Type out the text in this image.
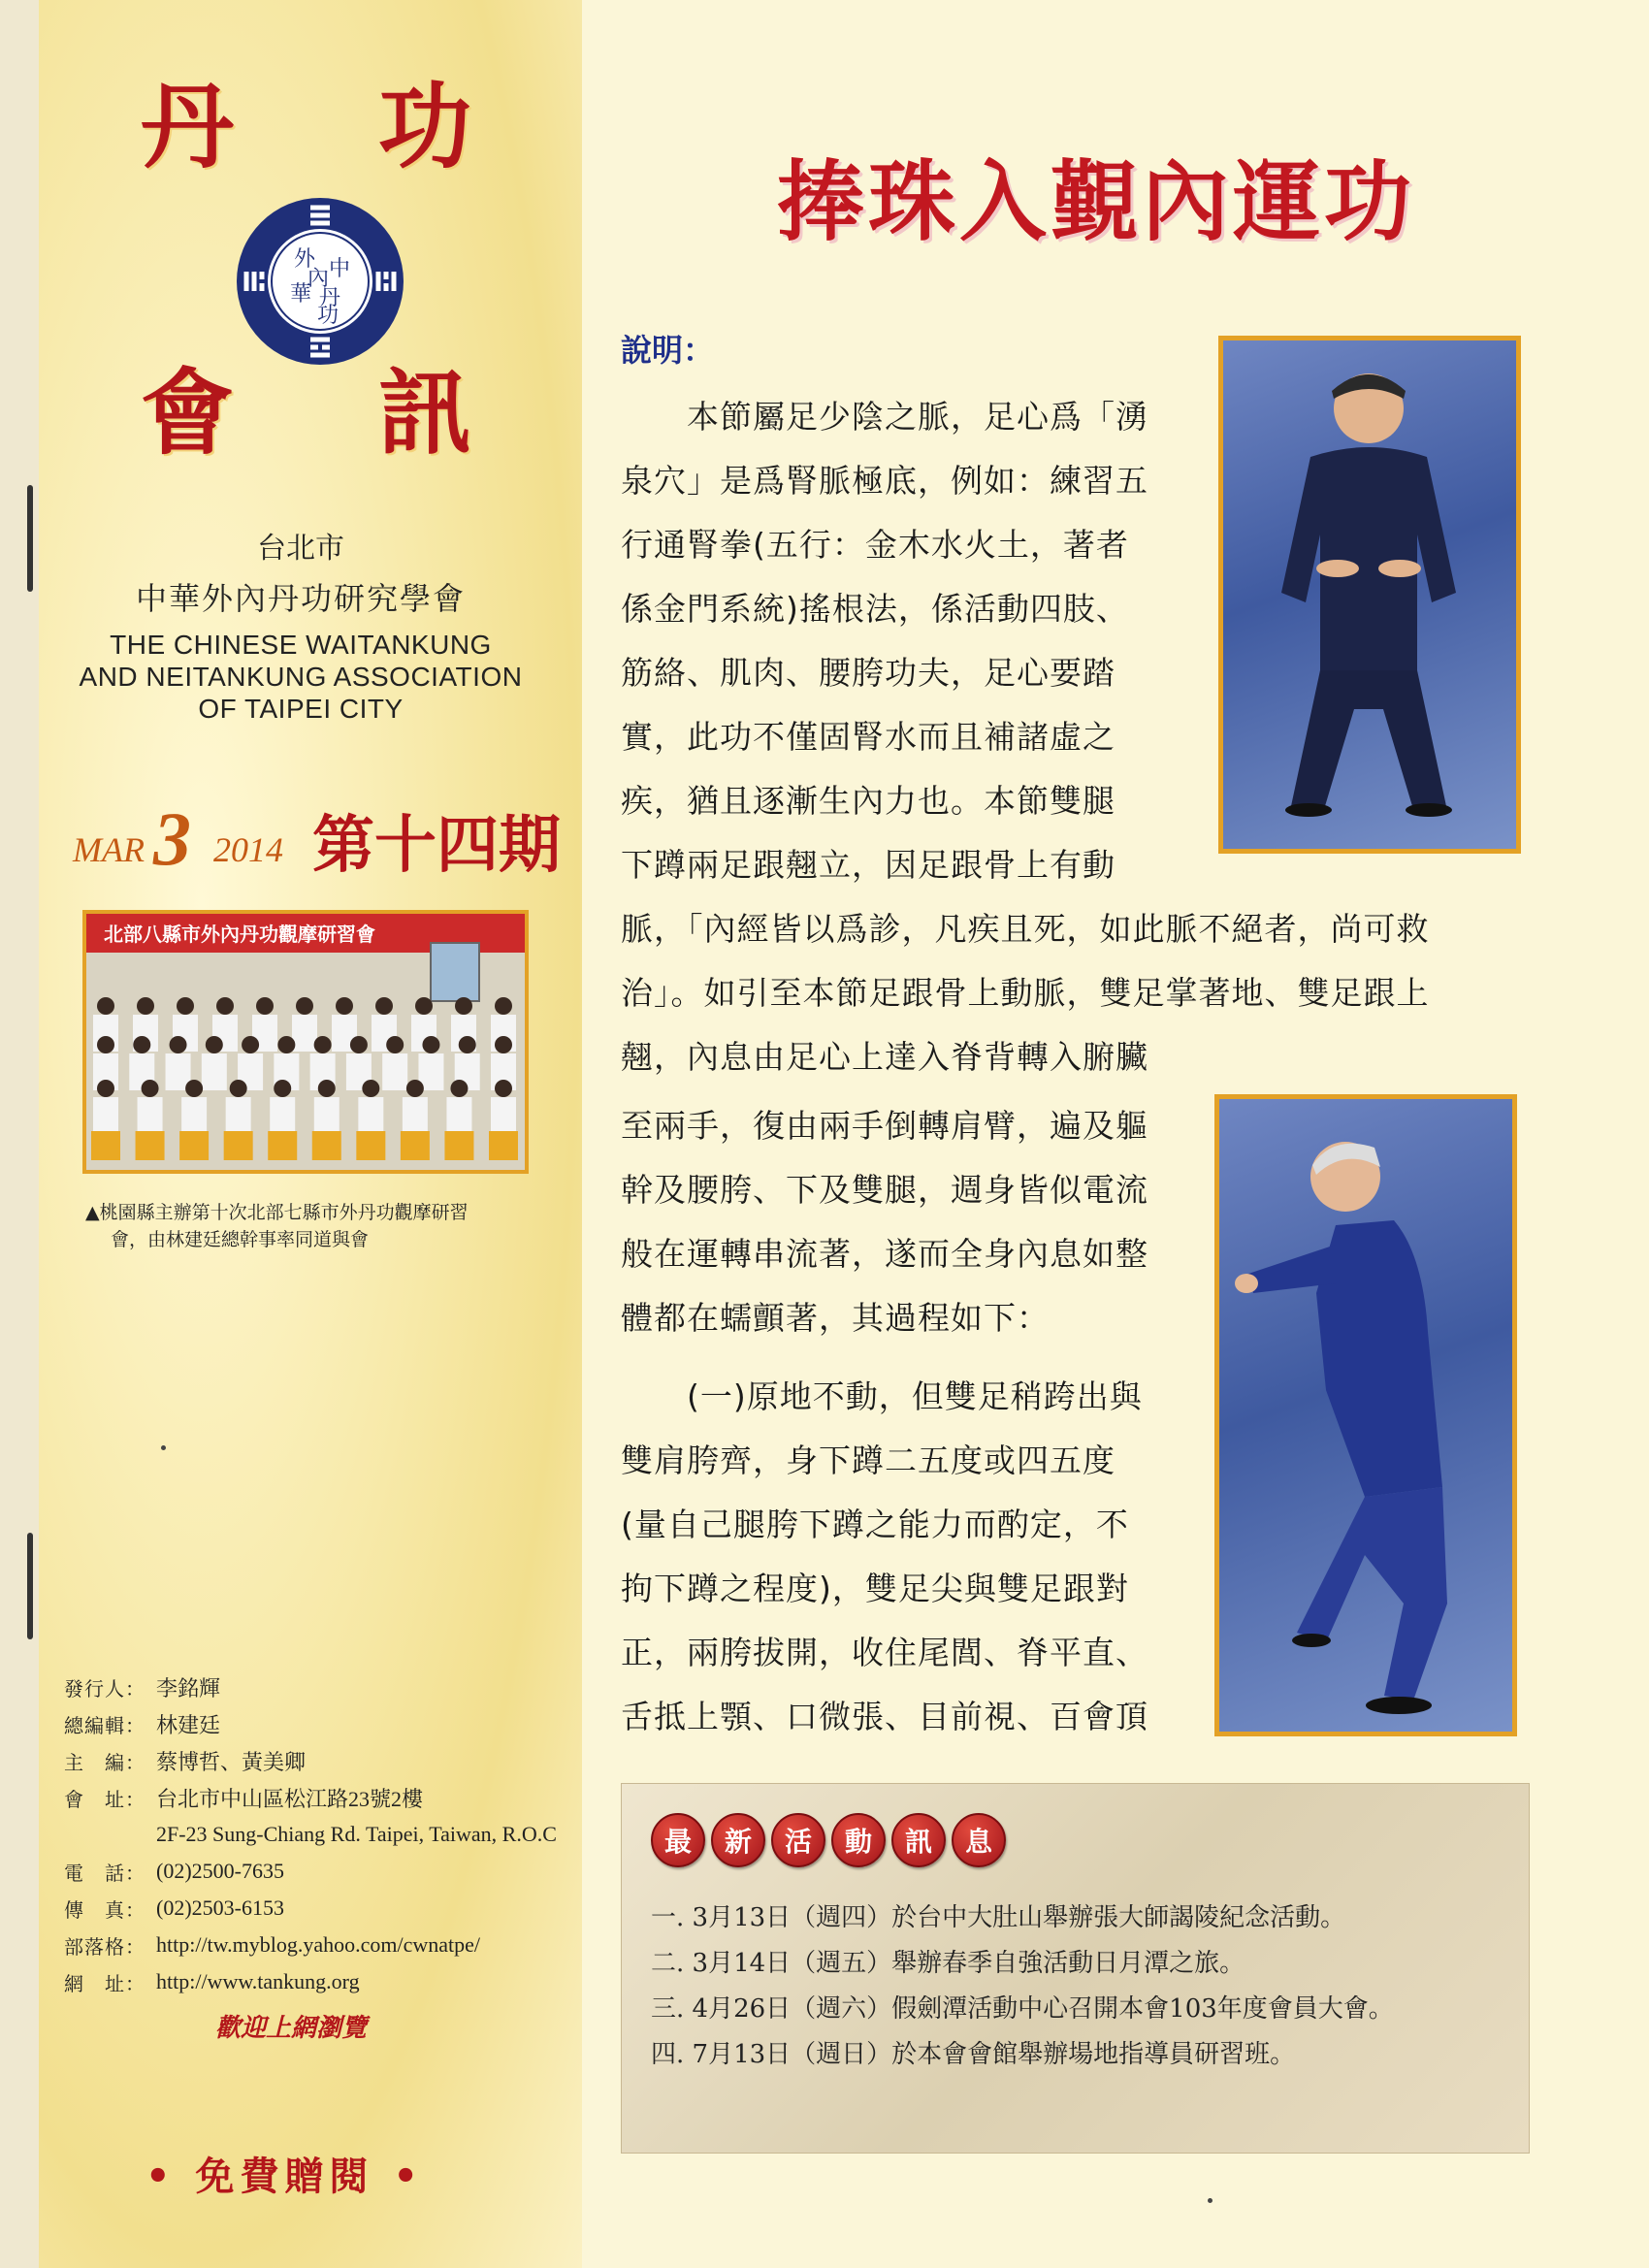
丹 功
會 訊
外 中
內
華 丹
功
台北市
中華外內丹功研究學會
THE CHINESE WAITANKUNG
AND NEITANKUNG ASSOCIATION
OF TAIPEI CITY
MAR 3 2014 第十四期
北部八縣市外內丹功觀摩研習會
▲桃園縣主辦第十次北部七縣市外丹功觀摩研習
會，由林建廷總幹事率同道與會
發行人： 李銘輝
總編輯： 林建廷
主　編： 蔡博哲、黃美卿
會　址： 台北市中山區松江路23號2樓
2F-23 Sung-Chiang Rd. Taipei, Taiwan, R.O.C
電　話： (02)2500-7635
傳　真： (02)2503-6153
部落格： http://tw.myblog.yahoo.com/cwnatpe/
網　址： http://www.tankung.org
歡迎上網瀏覽
• 免費贈閱 •
捧珠入覲內運功
說明：
　　本節屬足少陰之脈，足心爲「湧
泉穴」是爲腎脈極底，例如：練習五
行通腎拳(五行：金木水火土，著者
係金門系統)搖根法，係活動四肢、
筋絡、肌肉、腰胯功夫，足心要踏
實，此功不僅固腎水而且補諸虛之
疾，猶且逐漸生內力也。本節雙腿
下蹲兩足跟翹立，因足跟骨上有動
脈，「內經皆以爲診，凡疾且死，如此脈不絕者，尚可救
治」。如引至本節足跟骨上動脈，雙足掌著地、雙足跟上
翹，內息由足心上達入脊背轉入腑臟
至兩手，復由兩手倒轉肩臂，遍及軀
幹及腰胯、下及雙腿，週身皆似電流
般在運轉串流著，遂而全身內息如整
體都在蠕顫著，其過程如下：
　　(一)原地不動，但雙足稍跨出與
雙肩胯齊，身下蹲二五度或四五度
(量自己腿胯下蹲之能力而酌定，不
拘下蹲之程度)，雙足尖與雙足跟對
正，兩胯拔開，收住尾閭、脊平直、
舌抵上顎、口微張、目前視、百會頂
最	新	活	動	訊	息
一. 3月13日（週四）於台中大肚山舉辦張大師謁陵紀念活動。
二. 3月14日（週五）舉辦春季自強活動日月潭之旅。
三. 4月26日（週六）假劍潭活動中心召開本會103年度會員大會。
四. 7月13日（週日）於本會會館舉辦場地指導員研習班。
